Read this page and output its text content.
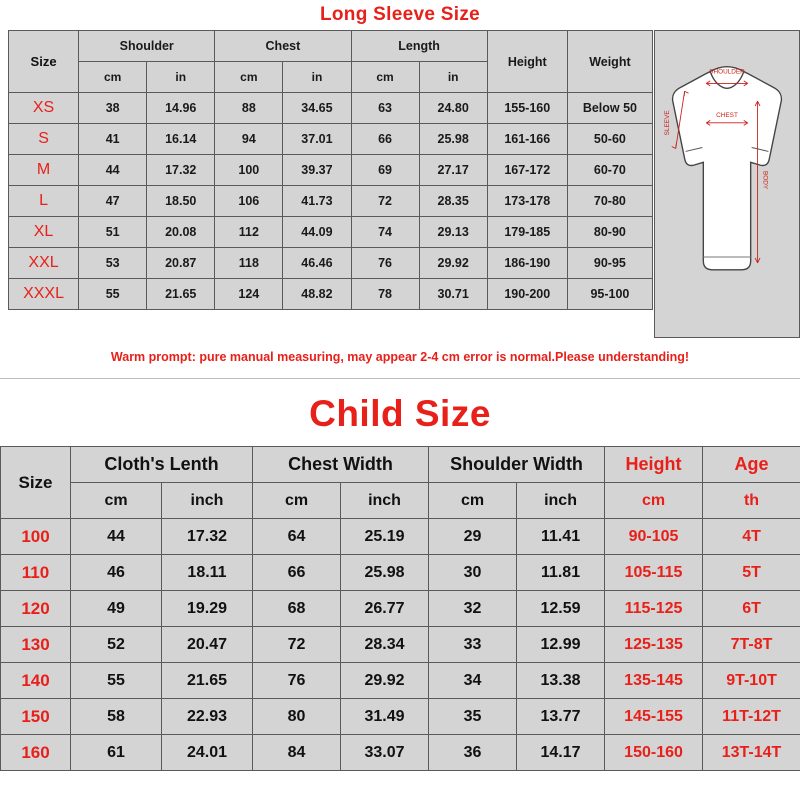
Long Sleeve Size
Size	Shoulder		Chest		Length		Height	Weight
	cm	in	cm	in	cm	in		
XS	38	14.96	88	34.65	63	24.80	155-160	Below 50
S	41	16.14	94	37.01	66	25.98	161-166	50-60
M	44	17.32	100	39.37	69	27.17	167-172	60-70
L	47	18.50	106	41.73	72	28.35	173-178	70-80
XL	51	20.08	112	44.09	74	29.13	179-185	80-90
XXL	53	20.87	118	46.46	76	29.92	186-190	90-95
XXXL	55	21.65	124	48.82	78	30.71	190-200	95-100
SHOULDER
CHEST
SLEEVE
BODY
Warm prompt: pure manual measuring, may appear 2-4 cm error is normal.Please understanding!
Child Size
Size	Cloth's Lenth		Chest Width		Shoulder Width		Height	Age
	cm	inch	cm	inch	cm	inch	cm	th
100	44	17.32	64	25.19	29	11.41	90-105	4T
110	46	18.11	66	25.98	30	11.81	105-115	5T
120	49	19.29	68	26.77	32	12.59	115-125	6T
130	52	20.47	72	28.34	33	12.99	125-135	7T-8T
140	55	21.65	76	29.92	34	13.38	135-145	9T-10T
150	58	22.93	80	31.49	35	13.77	145-155	11T-12T
160	61	24.01	84	33.07	36	14.17	150-160	13T-14T
